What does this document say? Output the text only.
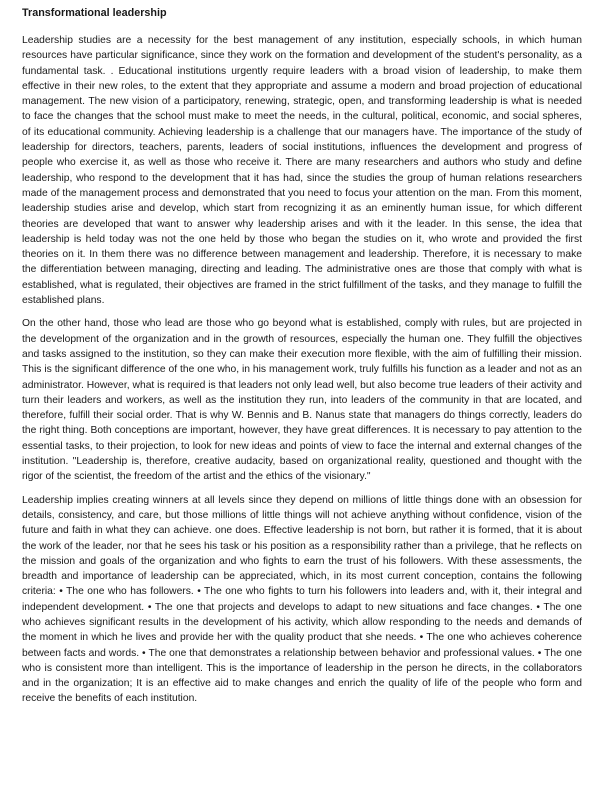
Transformational leadership

Leadership studies are a necessity for the best management of any institution, especially schools, in which human resources have particular significance, since they work on the formation and development of the student's personality, as a fundamental task. . Educational institutions urgently require leaders with a broad vision of leadership, to make them effective in their new roles, to the extent that they appropriate and assume a modern and broad projection of educational management. The new vision of a participatory, renewing, strategic, open, and transforming leadership is what is needed to face the changes that the school must make to meet the needs, in the cultural, political, economic, and social spheres, of its educational community. Achieving leadership is a challenge that our managers have. The importance of the study of leadership for directors, teachers, parents, leaders of social institutions, influences the development and progress of people who exercise it, as well as those who receive it. There are many researchers and authors who study and define leadership, who respond to the development that it has had, since the studies the group of human relations researchers made of the management process and demonstrated that you need to focus your attention on the man. From this moment, leadership studies arise and develop, which start from recognizing it as an eminently human issue, for which different theories are developed that want to answer why leadership arises and with it the leader. In this sense, the idea that leadership is held today was not the one held by those who began the studies on it, who wrote and provided the first theories on it. In them there was no difference between management and leadership. Therefore, it is necessary to make the differentiation between managing, directing and leading. The administrative ones are those that comply with what is established, what is regulated, their objectives are framed in the strict fulfillment of the tasks, and they manage to fulfill the established plans.

On the other hand, those who lead are those who go beyond what is established, comply with rules, but are projected in the development of the organization and in the growth of resources, especially the human one. They fulfill the objectives and tasks assigned to the institution, so they can make their execution more flexible, with the aim of fulfilling their mission. This is the significant difference of the one who, in his management work, truly fulfills his function as a leader and not as an administrator. However, what is required is that leaders not only lead well, but also become true leaders of their activity and turn their leaders and workers, as well as the institution they run, into leaders of the community in that are located, and therefore, fulfill their social order. That is why W. Bennis and B. Nanus state that managers do things correctly, leaders do the right thing. Both conceptions are important, however, they have great differences. It is necessary to pay attention to the essential tasks, to their projection, to look for new ideas and points of view to face the internal and external changes of the institution. "Leadership is, therefore, creative audacity, based on organizational reality, questioned and thought with the rigor of the scientist, the freedom of the artist and the ethics of the visionary."

Leadership implies creating winners at all levels since they depend on millions of little things done with an obsession for details, consistency, and care, but those millions of little things will not achieve anything without confidence, vision of the future and faith in what they can achieve. one does. Effective leadership is not born, but rather it is formed, that it is about the work of the leader, nor that he sees his task or his position as a responsibility rather than a privilege, that he reflects on the mission and goals of the organization and who fights to earn the trust of his followers. With these assessments, the breadth and importance of leadership can be appreciated, which, in its most current conception, contains the following criteria: • The one who has followers. • The one who fights to turn his followers into leaders and, with it, their integral and independent development. • The one that projects and develops to adapt to new situations and face changes. • The one who achieves significant results in the development of his activity, which allow responding to the needs and demands of the moment in which he lives and provide her with the quality product that she needs. • The one who achieves coherence between facts and words. • The one that demonstrates a relationship between behavior and professional values. • The one who is consistent more than intelligent. This is the importance of leadership in the person he directs, in the collaborators and in the organization; It is an effective aid to make changes and enrich the quality of life of the people who form and receive the benefits of each institution.
